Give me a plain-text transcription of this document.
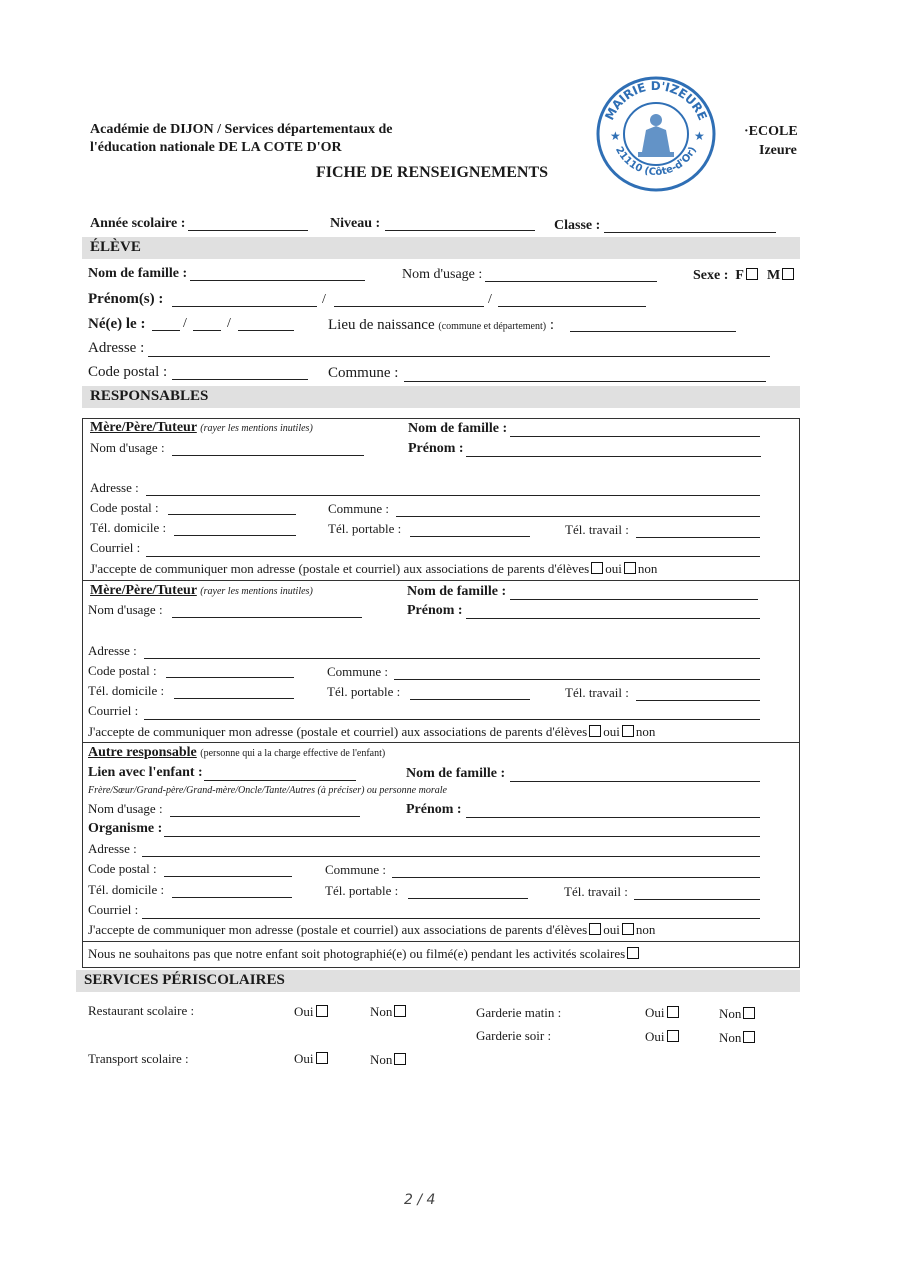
Académie de DIJON / Services départementaux de
l'éducation nationale DE LA COTE D'OR
FICHE DE RENSEIGNEMENTS
·ECOLE
Izeure
MAIRIE D'IZEURE
21110 (Côte-d'Or)
★	★
Année scolaire :	Niveau :	Classe :
ÉLÈVE
Nom de famille :	Nom d'usage :	Sexe : F M
Prénom(s) :	/	/
Né(e) le :	/	/	Lieu de naissance (commune et département) :
Adresse :
Code postal :	Commune :
RESPONSABLES
Mère/Père/Tuteur (rayer les mentions inutiles)	Nom de famille :
Nom d'usage :	Prénom :
Adresse :
Code postal :	Commune :
Tél. domicile :	Tél. portable :	Tél. travail :
Courriel :
J'accepte de communiquer mon adresse (postale et courriel) aux associations de parents d'élèves oui non
Mère/Père/Tuteur (rayer les mentions inutiles)	Nom de famille :
Nom d'usage :	Prénom :
Adresse :
Code postal :	Commune :
Tél. domicile :	Tél. portable :	Tél. travail :
Courriel :
J'accepte de communiquer mon adresse (postale et courriel) aux associations de parents d'élèves oui non
Autre responsable (personne qui a la charge effective de l'enfant)
Lien avec l'enfant :	Nom de famille :
Frère/Sœur/Grand-père/Grand-mère/Oncle/Tante/Autres (à préciser) ou personne morale
Nom d'usage :	Prénom :
Organisme :
Adresse :
Code postal :	Commune :
Tél. domicile :	Tél. portable :	Tél. travail :
Courriel :
J'accepte de communiquer mon adresse (postale et courriel) aux associations de parents d'élèves oui non
Nous ne souhaitons pas que notre enfant soit photographié(e) ou filmé(e) pendant les activités scolaires
SERVICES PÉRISCOLAIRES
Restaurant scolaire :	Oui	Non	Garderie matin :	Oui	Non
Garderie soir :	Oui	Non
Transport scolaire :	Oui	Non
2 / 4
